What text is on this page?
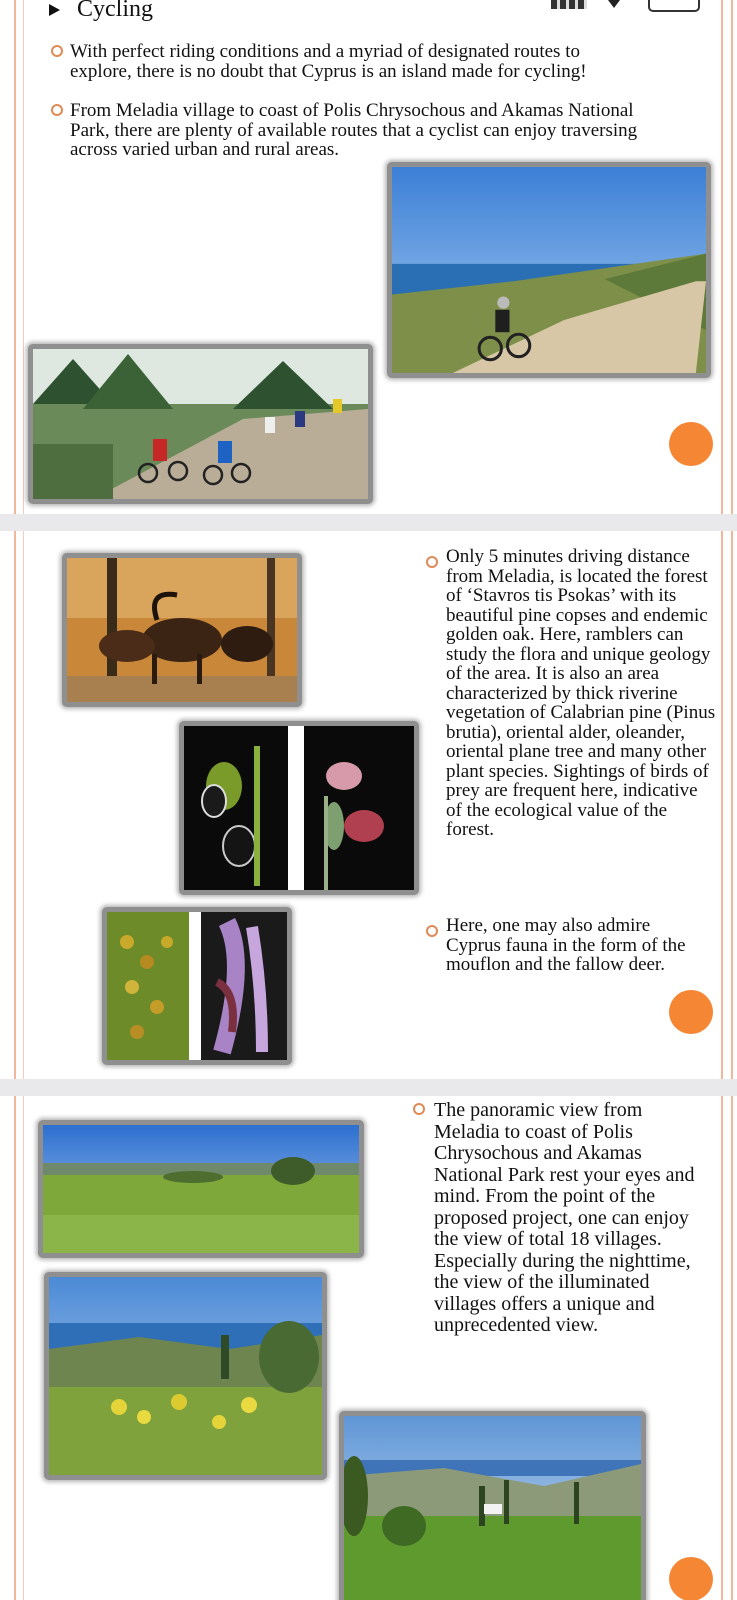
Cycling
With perfect riding conditions and a myriad of designated routes to explore, there is no doubt that Cyprus is an island made for cycling!
From Meladia village to coast of Polis Chrysochous and Akamas National Park, there are plenty of available routes that a cyclist can enjoy traversing across varied urban and rural areas.
Only 5 minutes driving distance from Meladia, is located the forest of ‘Stavros tis Psokas’ with its beautiful pine copses and endemic golden oak. Here, ramblers can study the flora and unique geology of the area. It is also an area characterized by thick riverine vegetation of Calabrian pine (Pinus brutia), oriental alder, oleander, oriental plane tree and many other plant species. Sightings of birds of prey are frequent here, indicative of the ecological value of the forest.
Here, one may also admire Cyprus fauna in the form of the mouflon and the fallow deer.
The panoramic view from Meladia to coast of Polis Chrysochous and Akamas National Park rest your eyes and mind. From the point of the proposed project, one can enjoy the view of total 18 villages. Especially during the nighttime, the view of the illuminated villages offers a unique and unprecedented view.
